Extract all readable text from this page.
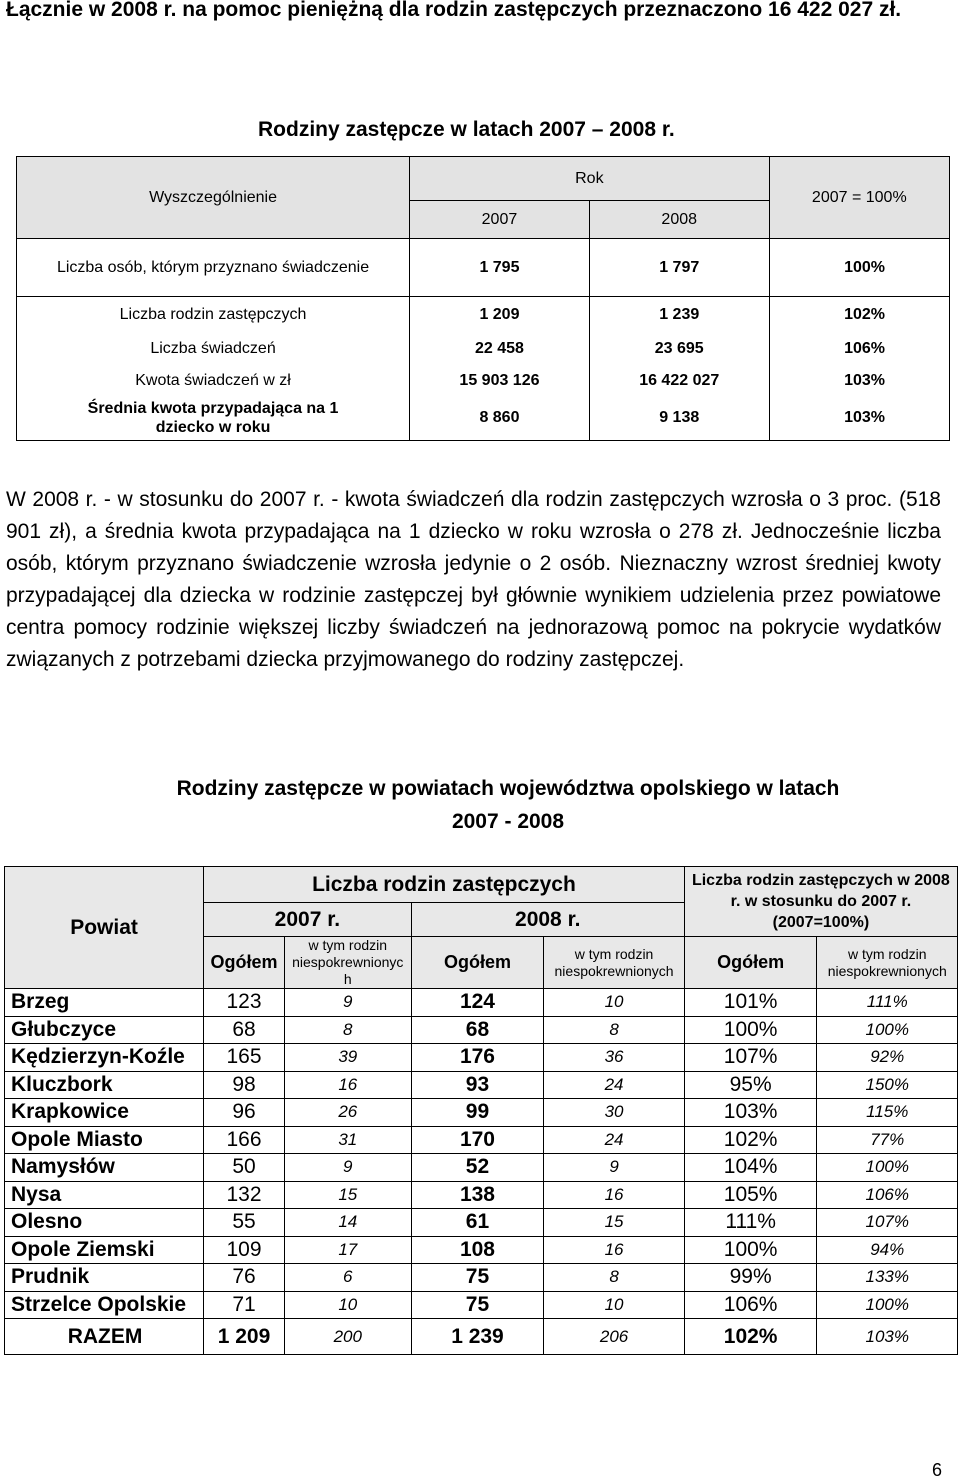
Łącznie w 2008 r. na pomoc pieniężną dla rodzin zastępczych przeznaczono 16 422 027 zł.
Rodziny zastępcze w latach 2007 – 2008 r.
Wyszczególnienie	Rok		2007 = 100%
	2007	2008	
Liczba osób, którym przyznano świadczenie	1 795	1 797	100%
Liczba rodzin zastępczych	1 209	1 239	102%
Liczba świadczeń	22 458	23 695	106%
Kwota świadczeń w zł	15 903 126	16 422 027	103%
Średnia kwota przypadająca na 1 dziecko w roku	8 860	9 138	103%
W 2008 r. - w stosunku do 2007 r. - kwota świadczeń dla rodzin zastępczych wzrosła o 3 proc. (518 901 zł), a średnia kwota przypadająca na 1 dziecko w roku wzrosła o 278 zł. Jednocześnie liczba osób, którym przyznano świadczenie wzrosła jedynie o 2 osób. Nieznaczny wzrost średniej kwoty przypadającej dla dziecka w rodzinie zastępczej był głównie wynikiem udzielenia przez powiatowe centra pomocy rodzinie większej liczby świadczeń na jednorazową pomoc na pokrycie wydatków związanych z potrzebami dziecka przyjmowanego do rodziny zastępczej.
Rodziny zastępcze w powiatach województwa opolskiego w latach
2007 - 2008
Powiat	Liczba rodzin zastępczych				Liczba rodzin zastępczych w 2008 r. w stosunku do 2007 r. (2007=100%)	
	2007 r.		2008 r.			
	Ogółem	w tym rodzin niespokrewnionyc h	Ogółem	w tym rodzin niespokrewnionych	Ogółem	w tym rodzin niespokrewnionych
Brzeg	123	9	124	10	101%	111%
Głubczyce	68	8	68	8	100%	100%
Kędzierzyn-Koźle	165	39	176	36	107%	92%
Kluczbork	98	16	93	24	95%	150%
Krapkowice	96	26	99	30	103%	115%
Opole Miasto	166	31	170	24	102%	77%
Namysłów	50	9	52	9	104%	100%
Nysa	132	15	138	16	105%	106%
Olesno	55	14	61	15	111%	107%
Opole Ziemski	109	17	108	16	100%	94%
Prudnik	76	6	75	8	99%	133%
Strzelce Opolskie	71	10	75	10	106%	100%
RAZEM	1 209	200	1 239	206	102%	103%
6
